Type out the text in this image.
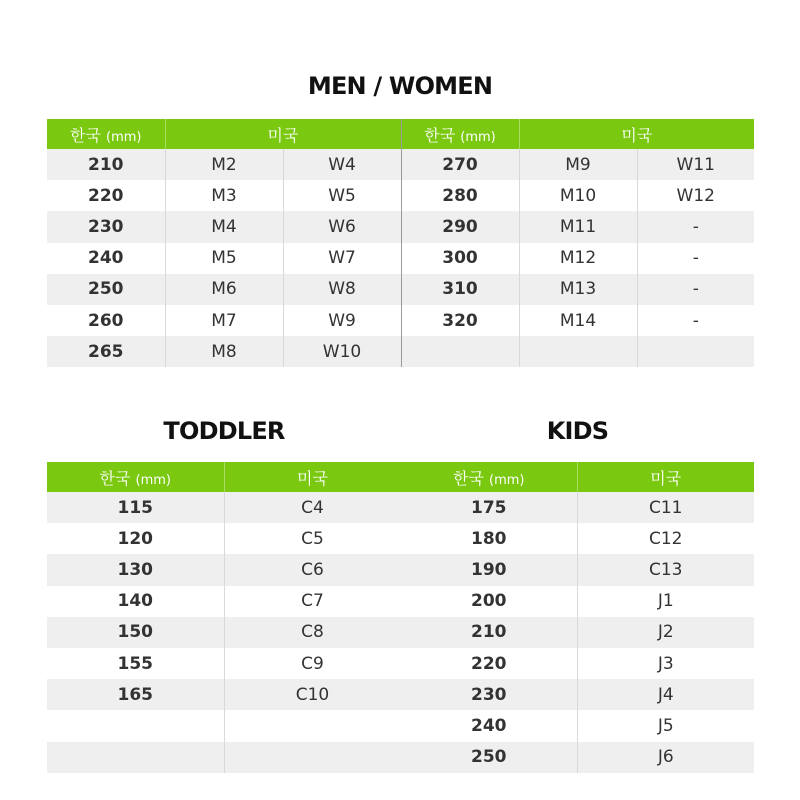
MEN / WOMEN
한국 (mm)	미국		한국 (mm)	미국	
210	M2	W4	270	M9	W11
220	M3	W5	280	M10	W12
230	M4	W6	290	M11	-
240	M5	W7	300	M12	-
250	M6	W8	310	M13	-
260	M7	W9	320	M14	-
265	M8	W10			
TODDLER	KIDS
한국 (mm)	미국
115	C4
120	C5
130	C6
140	C7
150	C8
155	C9
165	C10

한국 (mm)	미국
175	C11
180	C12
190	C13
200	J1
210	J2
220	J3
230	J4
240	J5
250	J6
